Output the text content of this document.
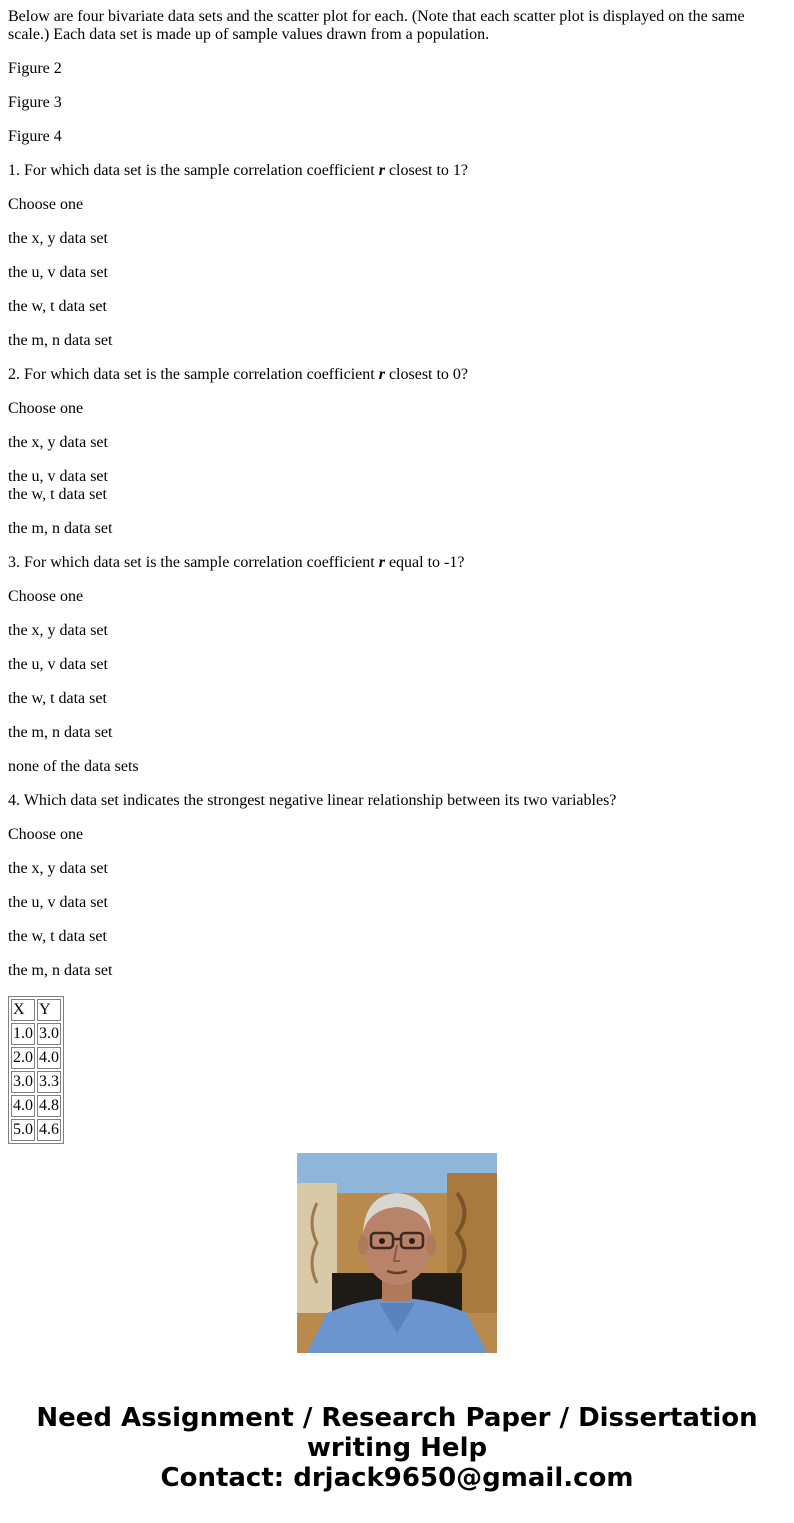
Below are four bivariate data sets and the scatter plot for each. (Note that each scatter plot is displayed on the same scale.) Each data set is made up of sample values drawn from a population.

Figure 2

Figure 3

Figure 4

1. For which data set is the sample correlation coefficient r closest to 1?

Choose one

the x, y data set

the u, v data set

the w, t data set

the m, n data set

2. For which data set is the sample correlation coefficient r closest to 0?

Choose one

the x, y data set

the u, v data set

the w, t data set

the m, n data set

3. For which data set is the sample correlation coefficient r equal to -1?

Choose one

the x, y data set

the u, v data set

the w, t data set

the m, n data set

none of the data sets

4. Which data set indicates the strongest negative linear relationship between its two variables?

Choose one

the x, y data set

the u, v data set

the w, t data set

the m, n data set

X	Y
1.0	3.0
2.0	4.0
3.0	3.3
4.0	4.8
5.0	4.6
Need Assignment / Research Paper / Dissertation
writing Help
Contact: drjack9650@gmail.com
